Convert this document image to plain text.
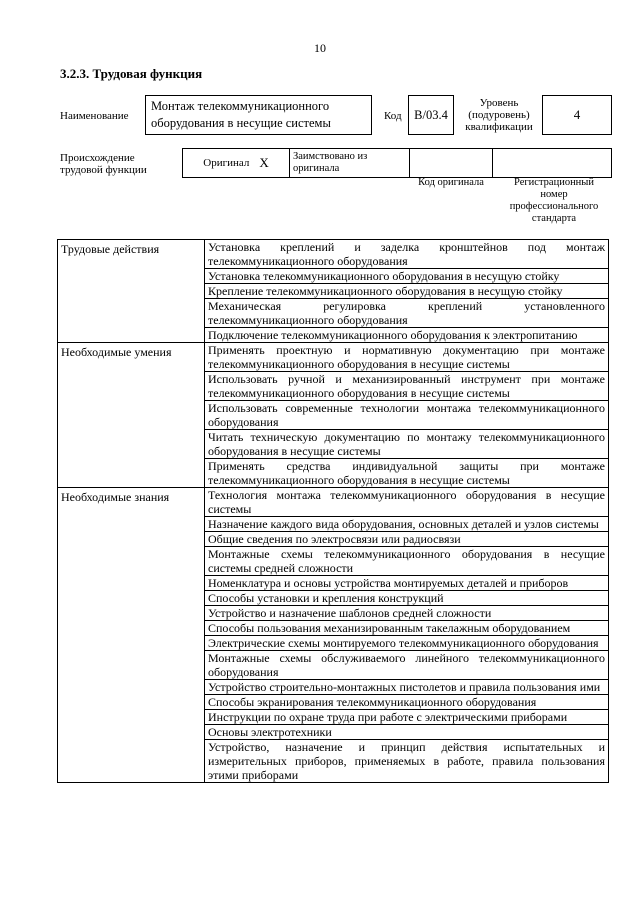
10
3.2.3. Трудовая функция
Наименование
Монтаж телекоммуникационного оборудования в несущие системы	Код B/03.4
Уровень (подуровень) квалификации
4
Происхождение трудовой функции
Оригинал X Заимствовано из оригинала
Код оригинала	Регистрационный номер профессионального стандарта
Трудовые действия	Установка креплений и заделка кронштейнов под монтаж телекоммуникационного оборудования
	Установка телекоммуникационного оборудования в несущую стойку
	Крепление телекоммуникационного оборудования в несущую стойку
	Механическая регулировка креплений установленного телекоммуникационного оборудования
	Подключение телекоммуникационного оборудования к электропитанию
Необходимые умения	Применять проектную и нормативную документацию при монтаже телекоммуникационного оборудования в несущие системы
	Использовать ручной и механизированный инструмент при монтаже телекоммуникационного оборудования в несущие системы
	Использовать современные технологии монтажа телекоммуникационного оборудования
	Читать техническую документацию по монтажу телекоммуникационного оборудования в несущие системы
	Применять средства индивидуальной защиты при монтаже телекоммуникационного оборудования в несущие системы
Необходимые знания	Технология монтажа телекоммуникационного оборудования в несущие системы
	Назначение каждого вида оборудования, основных деталей и узлов системы
	Общие сведения по электросвязи или радиосвязи
	Монтажные схемы телекоммуникационного оборудования в несущие системы средней сложности
	Номенклатура и основы устройства монтируемых деталей и приборов
	Способы установки и крепления конструкций
	Устройство и назначение шаблонов средней сложности
	Способы пользования механизированным такелажным оборудованием
	Электрические схемы монтируемого телекоммуникационного оборудования
	Монтажные схемы обслуживаемого линейного телекоммуникационного оборудования
	Устройство строительно-монтажных пистолетов и правила пользования ими
	Способы экранирования телекоммуникационного оборудования
	Инструкции по охране труда при работе с электрическими приборами
	Основы электротехники
	Устройство, назначение и принцип действия испытательных и измерительных приборов, применяемых в работе, правила пользования этими приборами
